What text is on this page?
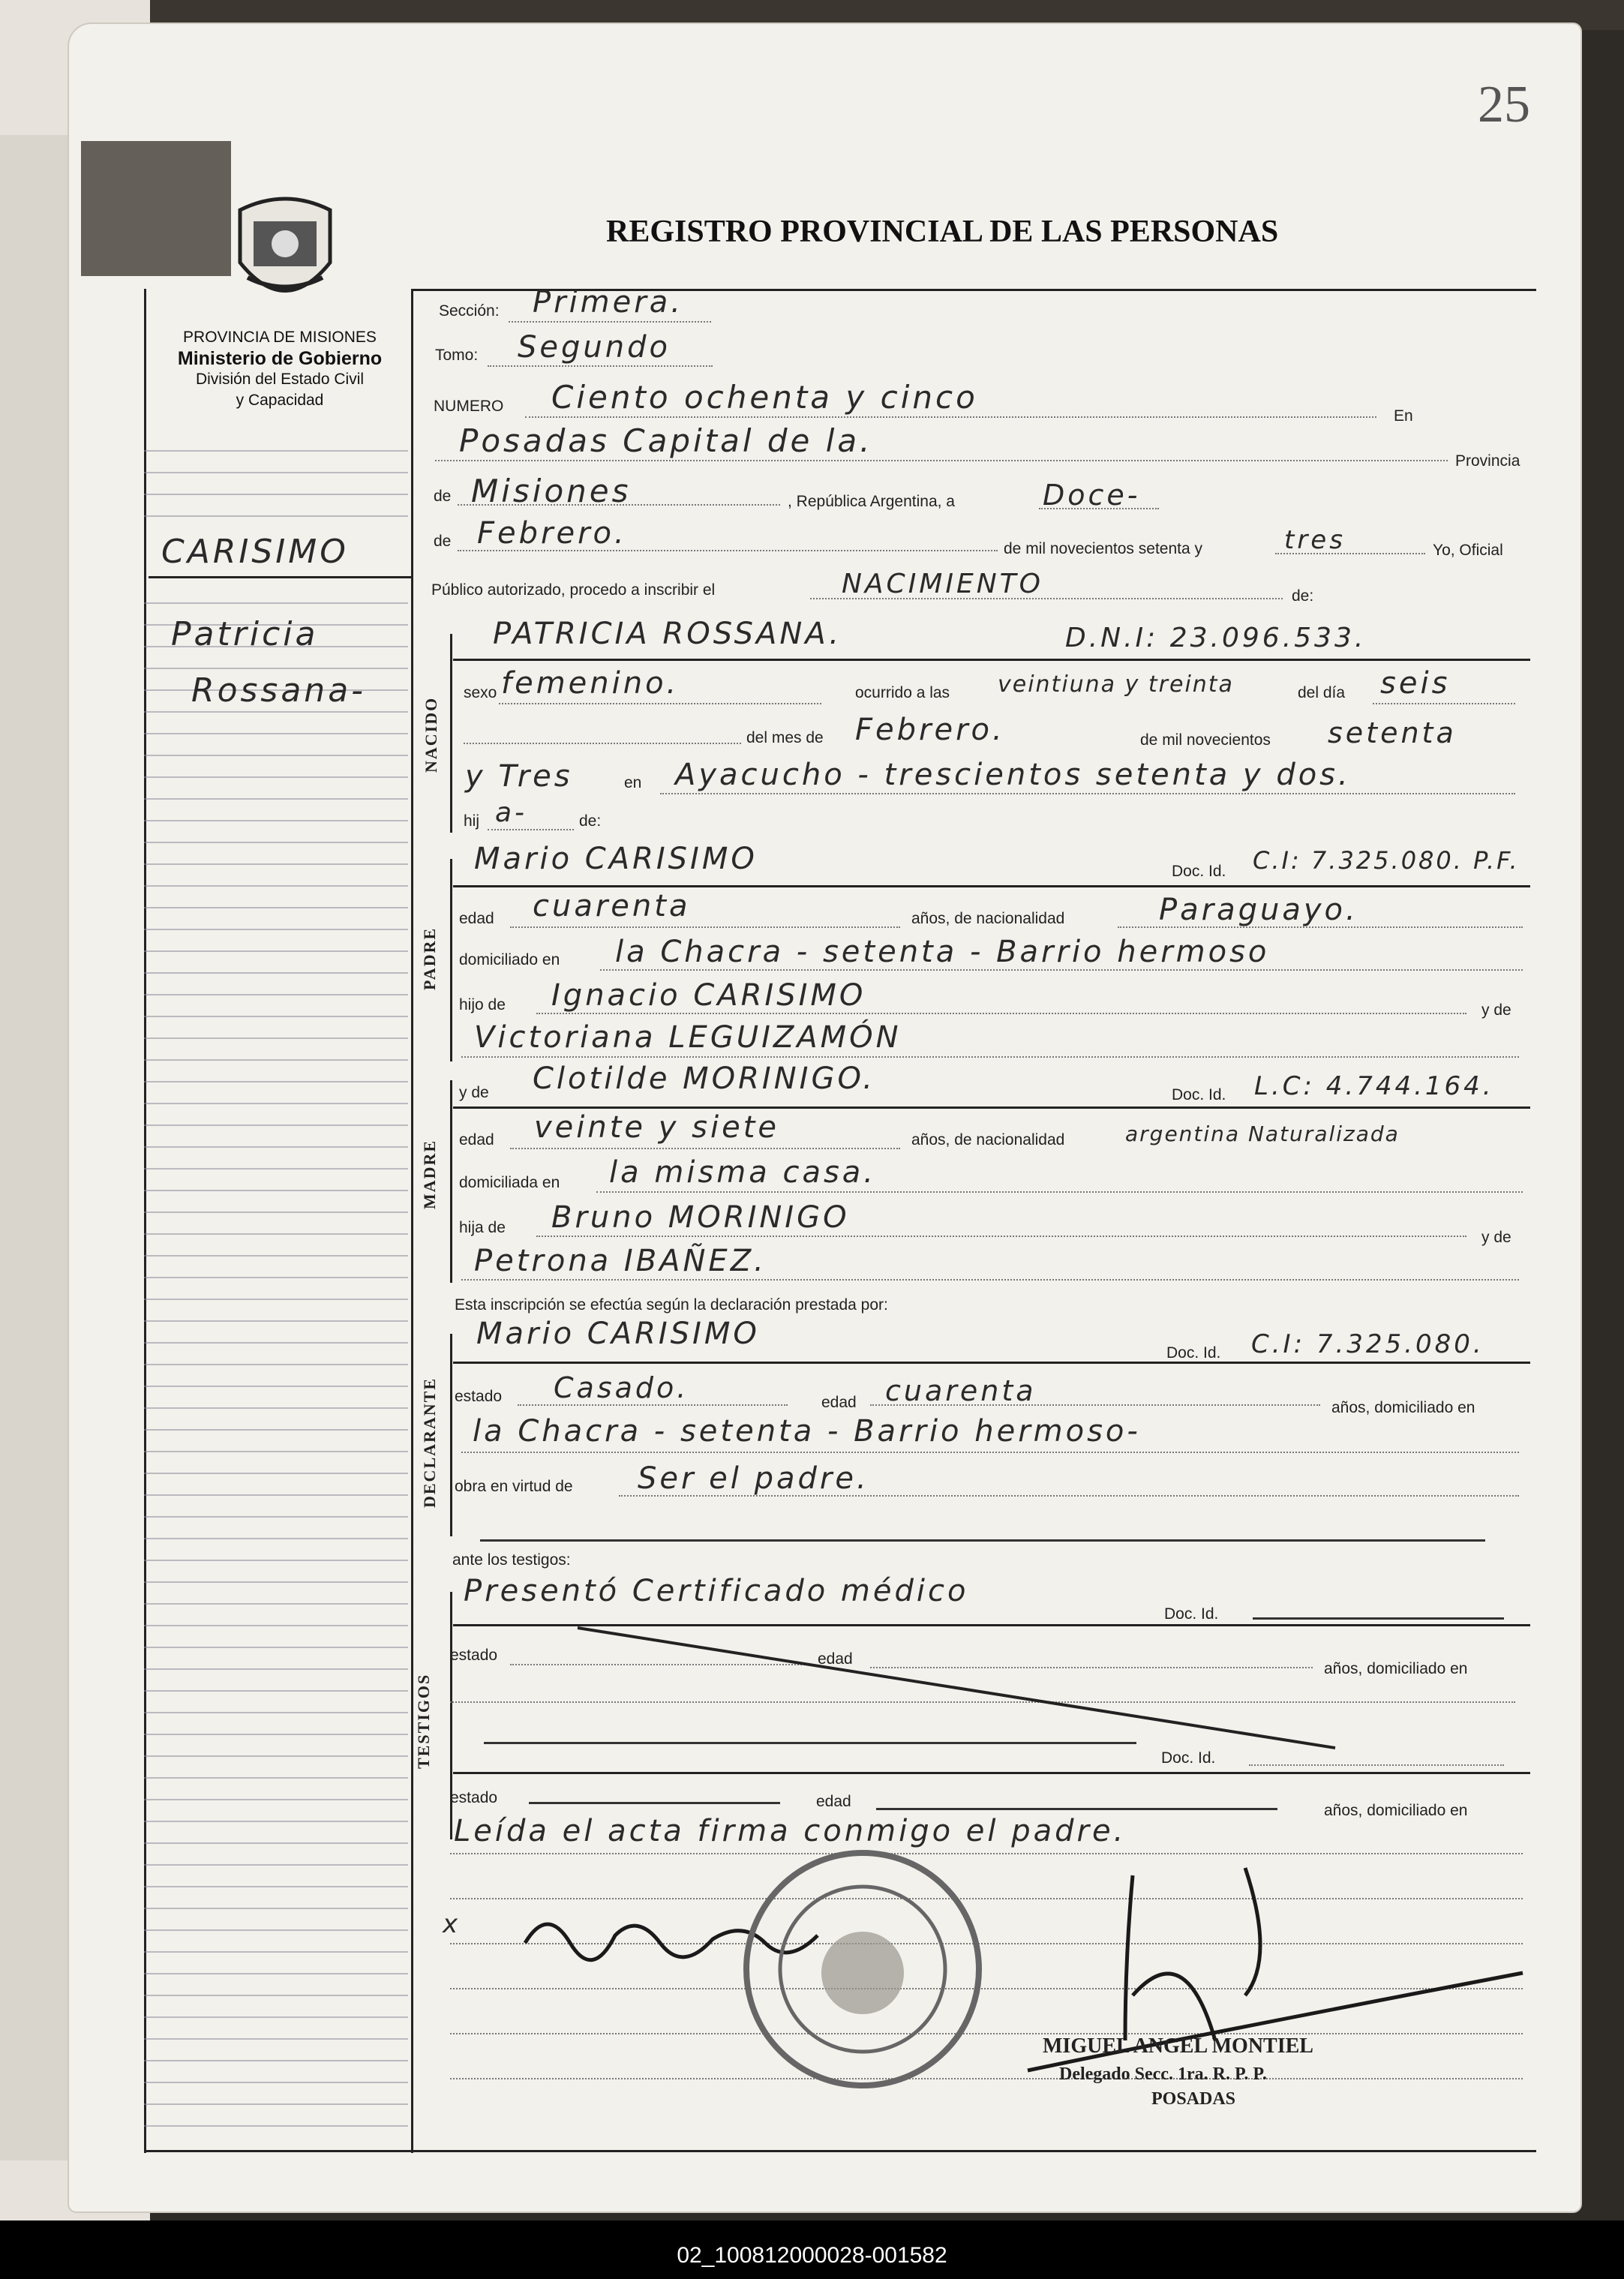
25
REGISTRO PROVINCIAL DE LAS PERSONAS
PROVINCIA DE MISIONES
Ministerio de Gobierno
División del Estado Civil
y Capacidad
CARISIMO
Patricia
Rossana-
Sección: Primera.
Tomo: Segundo
NUMERO Ciento ochenta y cinco
En
Posadas Capital de la.
Provincia
de Misiones	, República Argentina, a	Doce-
de Febrero.	de mil novecientos setenta y	tres	Yo, Oficial
Público autorizado, procedo a inscribir el	NACIMIENTO	de:
NACIDO
PATRICIA ROSSANA.	D.N.I: 23.096.533.
sexo femenino.	ocurrido a las veintiuna y treinta	del día seis
del mes de Febrero.	de mil novecientos setenta
y Tres	en Ayacucho - trescientos setenta y dos.
hij a-	de:
PADRE
Mario CARISIMO	Doc. Id. C.I: 7.325.080. P.F.
edad cuarenta	años, de nacionalidad	Paraguayo.
domiciliado en la Chacra - setenta - Barrio hermoso
hijo de Ignacio CARISIMO	y de
Victoriana LEGUIZAMÓN
MADRE
y de Clotilde MORINIGO.	Doc. Id. L.C: 4.744.164.
edad veinte y siete	años, de nacionalidad	argentina Naturalizada
domiciliada en la misma casa.
hija de Bruno MORINIGO
y de
Petrona IBAÑEZ.
Esta inscripción se efectúa según la declaración prestada por:
DECLARANTE
Mario CARISIMO
Doc. Id. C.I: 7.325.080.
estado Casado.	edad cuarenta
años, domiciliado en
la Chacra - setenta - Barrio hermoso-
obra en virtud de Ser el padre.
ante los testigos:
TESTIGOS
Presentó Certificado médico
Doc. Id.
estado	edad
años, domiciliado en
Doc. Id.
estado	edad
años, domiciliado en
Leída el acta firma conmigo el padre.
x
MIGUEL ANGEL MONTIEL
Delegado Secc. 1ra. R. P. P.
POSADAS
02_100812000028-001582
